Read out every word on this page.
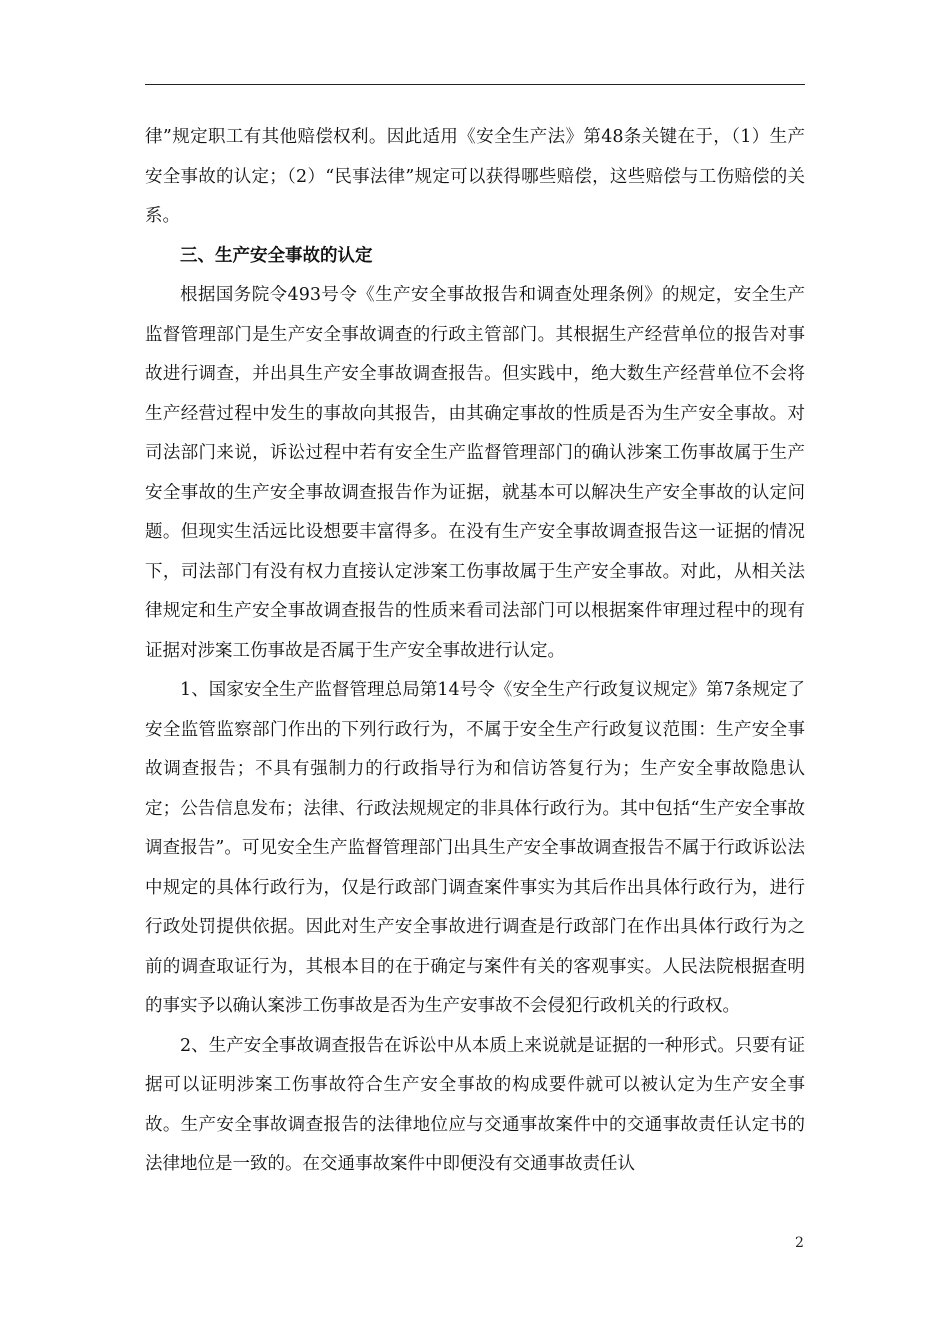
律”规定职工有其他赔偿权利。因此适用《安全生产法》第48条关键在于，（1）生产安全事故的认定；（2）“民事法律”规定可以获得哪些赔偿，这些赔偿与工伤赔偿的关系。

三、生产安全事故的认定

根据国务院令493号令《生产安全事故报告和调查处理条例》的规定，安全生产监督管理部门是生产安全事故调查的行政主管部门。其根据生产经营单位的报告对事故进行调查，并出具生产安全事故调查报告。但实践中，绝大数生产经营单位不会将生产经营过程中发生的事故向其报告，由其确定事故的性质是否为生产安全事故。对司法部门来说，诉讼过程中若有安全生产监督管理部门的确认涉案工伤事故属于生产安全事故的生产安全事故调查报告作为证据，就基本可以解决生产安全事故的认定问题。但现实生活远比设想要丰富得多。在没有生产安全事故调查报告这一证据的情况下，司法部门有没有权力直接认定涉案工伤事故属于生产安全事故。对此，从相关法律规定和生产安全事故调查报告的性质来看司法部门可以根据案件审理过程中的现有证据对涉案工伤事故是否属于生产安全事故进行认定。

1、国家安全生产监督管理总局第14号令《安全生产行政复议规定》第7条规定了安全监管监察部门作出的下列行政行为，不属于安全生产行政复议范围：生产安全事故调查报告；不具有强制力的行政指导行为和信访答复行为；生产安全事故隐患认定；公告信息发布；法律、行政法规规定的非具体行政行为。其中包括“生产安全事故调查报告”。可见安全生产监督管理部门出具生产安全事故调查报告不属于行政诉讼法中规定的具体行政行为，仅是行政部门调查案件事实为其后作出具体行政行为，进行行政处罚提供依据。因此对生产安全事故进行调查是行政部门在作出具体行政行为之前的调查取证行为，其根本目的在于确定与案件有关的客观事实。人民法院根据查明的事实予以确认案涉工伤事故是否为生产安事故不会侵犯行政机关的行政权。

2、生产安全事故调查报告在诉讼中从本质上来说就是证据的一种形式。只要有证据可以证明涉案工伤事故符合生产安全事故的构成要件就可以被认定为生产安全事故。生产安全事故调查报告的法律地位应与交通事故案件中的交通事故责任认定书的法律地位是一致的。在交通事故案件中即便没有交通事故责任认

2
